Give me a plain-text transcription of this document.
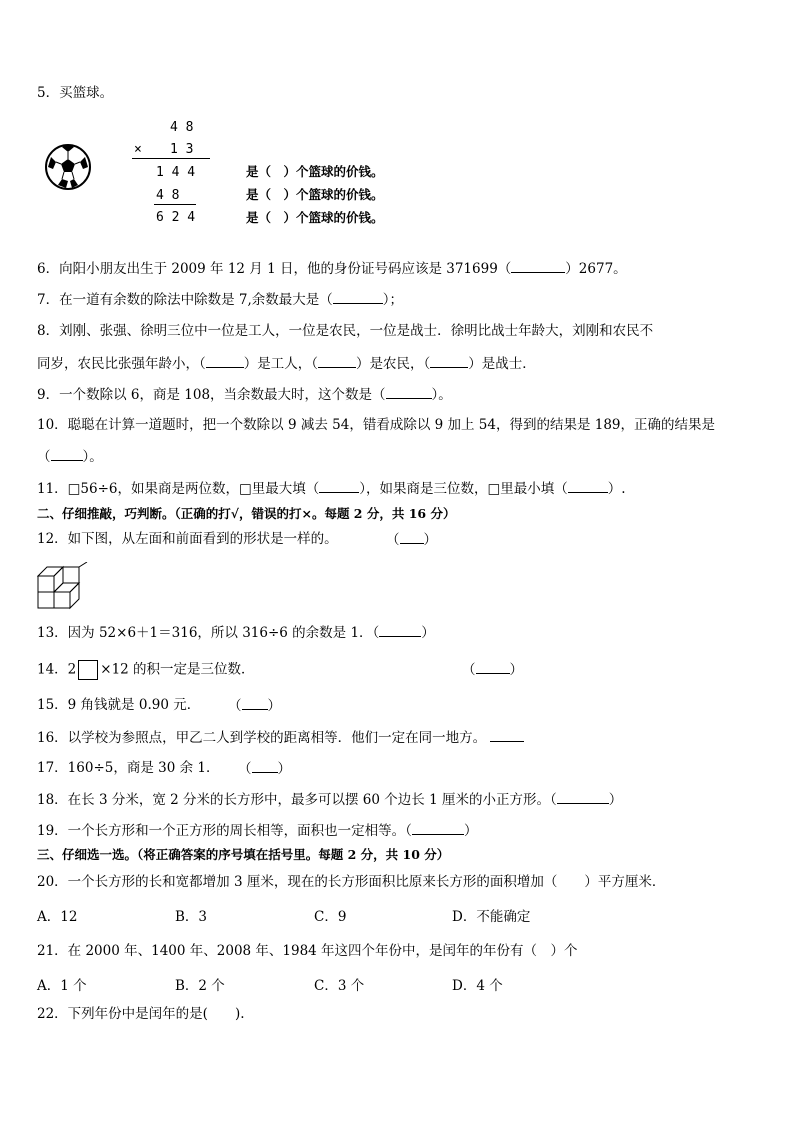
5．买篮球。
4 8
× 1 3
1 4 4
4 8
6 2 4
是（　）个篮球的价钱。
是（　）个篮球的价钱。
是（　）个篮球的价钱。
6．向阳小朋友出生于 2009 年 12 月 1 日，他的身份证号码应该是 371699（	）2677。
7．在一道有余数的除法中除数是 7,余数最大是（	）；
8．刘刚、张强、徐明三位中一位是工人，一位是农民，一位是战士．徐明比战士年龄大，刘刚和农民不
同岁，农民比张强年龄小，（	）是工人，（	）是农民，（	）是战士．
9．一个数除以 6，商是 108，当余数最大时，这个数是（	）。
10．聪聪在计算一道题时，把一个数除以 9 减去 54，错看成除以 9 加上 54，得到的结果是 189，正确的结果是
（ ）。
11．□56÷6，如果商是两位数，□里最大填（	），如果商是三位数，□里最小填（	）.
二、仔细推敲，巧判断。（正确的打√，错误的打×。每题 2 分，共 16 分）
12．如下图，从左面和前面看到的形状是一样的。	（ ）
13．因为 52×6＋1＝316，所以 316÷6 的余数是 1．（	）
14．2 ×12 的积一定是三位数．	（	）
15．9 角钱就是 0.90 元． （ ）
16．以学校为参照点，甲乙二人到学校的距离相等．他们一定在同一地方。
17．160÷5，商是 30 余 1． （ ）
18．在长 3 分米，宽 2 分米的长方形中，最多可以摆 60 个边长 1 厘米的小正方形。（	）
19．一个长方形和一个正方形的周长相等，面积也一定相等。（	）
三、仔细选一选。（将正确答案的序号填在括号里。每题 2 分，共 10 分）
20．一个长方形的长和宽都增加 3 厘米，现在的长方形面积比原来长方形的面积增加（　　）平方厘米．
A．12	B．3	C．9	D．不能确定
21．在 2000 年、1400 年、2008 年、1984 年这四个年份中，是闰年的年份有（　）个
A．1 个	B．2 个	C．3 个	D．4 个
22．下列年份中是闰年的是(　　).
